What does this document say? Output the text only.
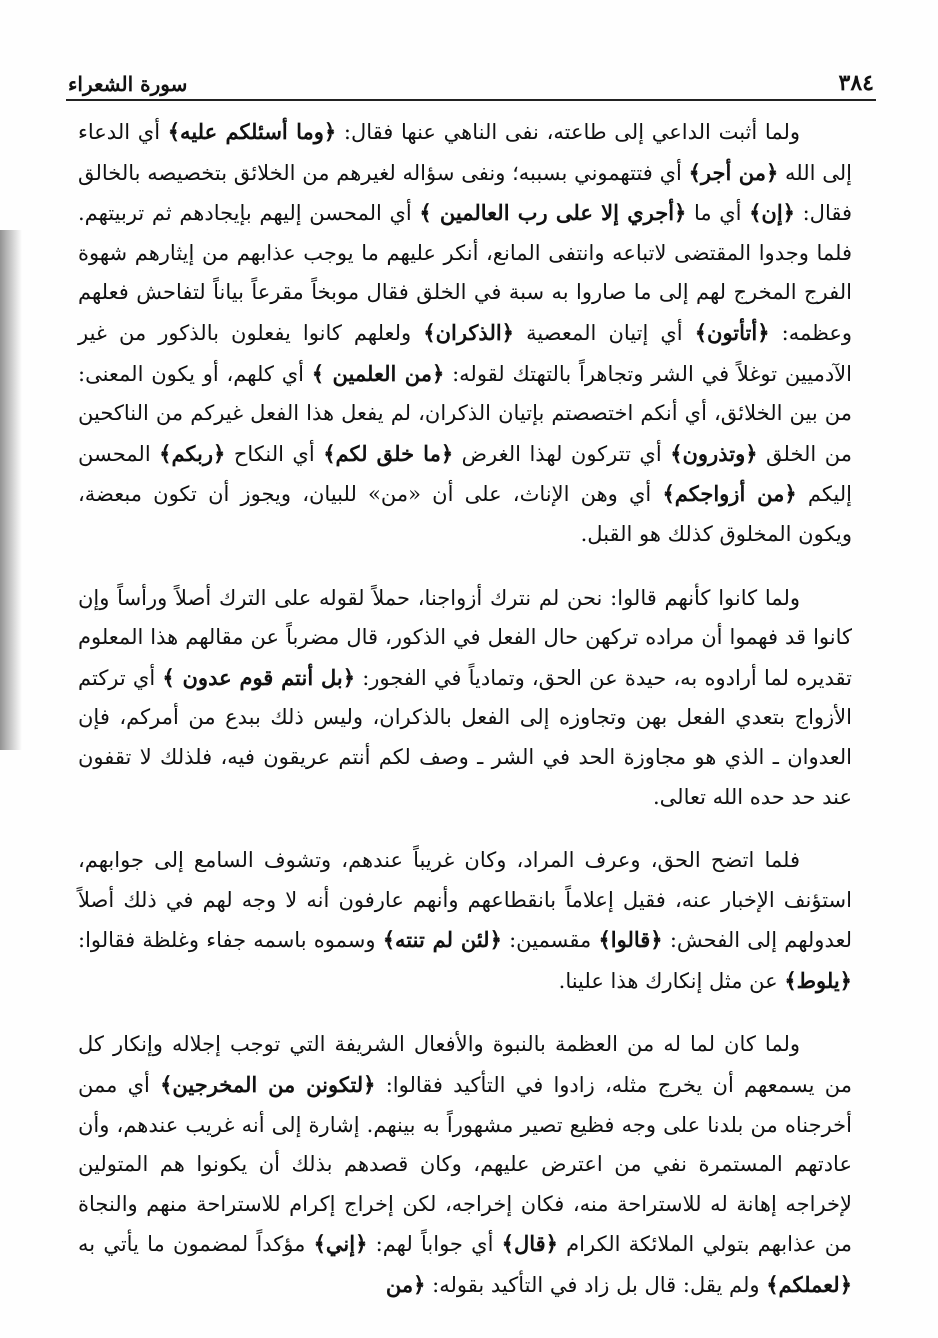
٣٨٤
سورة الشعراء

ولما أثبت الداعي إلى طاعته، نفى الناهي عنها فقال: ﴿وما أسئلكم عليه﴾ أي الدعاء إلى الله ﴿من أجر﴾ أي فتتهموني بسببه؛ ونفى سؤاله لغيرهم من الخلائق بتخصيصه بالخالق فقال: ﴿إن﴾ أي ما ﴿أجري إلا على رب العالمين ﴾ أي المحسن إليهم بإيجادهم ثم تربيتهم. فلما وجدوا المقتضى لاتباعه وانتفى المانع، أنكر عليهم ما يوجب عذابهم من إيثارهم شهوة الفرج المخرج لهم إلى ما صاروا به سبة في الخلق فقال موبخاً مقرعاً بياناً لتفاحش فعلهم وعظمه: ﴿أتأتون﴾ أي إتيان المعصية ﴿الذكران﴾ ولعلهم كانوا يفعلون بالذكور من غير الآدميين توغلاً في الشر وتجاهراً بالتهتك لقوله: ﴿من العلمين ﴾ أي كلهم، أو يكون المعنى: من بين الخلائق، أي أنكم اختصصتم بإتيان الذكران، لم يفعل هذا الفعل غيركم من الناكحين من الخلق ﴿وتذرون﴾ أي تتركون لهذا الغرض ﴿ما خلق لكم﴾ أي النكاح ﴿ربكم﴾ المحسن إليكم ﴿من أزواجكم﴾ أي وهن الإناث، على أن «من» للبيان، ويجوز أن تكون مبعضة، ويكون المخلوق كذلك هو القبل.

ولما كانوا كأنهم قالوا: نحن لم نترك أزواجنا، حملاً لقوله على الترك أصلاً ورأساً وإن كانوا قد فهموا أن مراده تركهن حال الفعل في الذكور، قال مضرباً عن مقالهم هذا المعلوم تقديره لما أرادوه به، حيدة عن الحق، وتمادياً في الفجور: ﴿بل أنتم قوم عدون ﴾ أي تركتم الأزواج بتعدي الفعل بهن وتجاوزه إلى الفعل بالذكران، وليس ذلك ببدع من أمركم، فإن العدوان ـ الذي هو مجاوزة الحد في الشر ـ وصف لكم أنتم عريقون فيه، فلذلك لا تقفون عند حد حده الله تعالى.

فلما اتضح الحق، وعرف المراد، وكان غريباً عندهم، وتشوف السامع إلى جوابهم، استؤنف الإخبار عنه، فقيل إعلاماً بانقطاعهم وأنهم عارفون أنه لا وجه لهم في ذلك أصلاً لعدولهم إلى الفحش: ﴿قالوا﴾ مقسمين: ﴿لئن لم تنته﴾ وسموه باسمه جفاء وغلظة فقالوا: ﴿يلوط﴾ عن مثل إنكارك هذا علينا.

ولما كان لما له من العظمة بالنبوة والأفعال الشريفة التي توجب إجلاله وإنكار كل من يسمعهم أن يخرج مثله، زادوا في التأكيد فقالوا: ﴿لتكونن من المخرجين﴾ أي ممن أخرجناه من بلدنا على وجه فظيع تصير مشهوراً به بينهم. إشارة إلى أنه غريب عندهم، وأن عادتهم المستمرة نفي من اعترض عليهم، وكان قصدهم بذلك أن يكونوا هم المتولين لإخراجه إهانة له للاستراحة منه، فكان إخراجه، لكن إخراج إكرام للاستراحة منهم والنجاة من عذابهم بتولي الملائكة الكرام ﴿قال﴾ أي جواباً لهم: ﴿إني﴾ مؤكداً لمضمون ما يأتي به ﴿لعملكم﴾ ولم يقل: قال بل زاد في التأكيد بقوله: ﴿من
